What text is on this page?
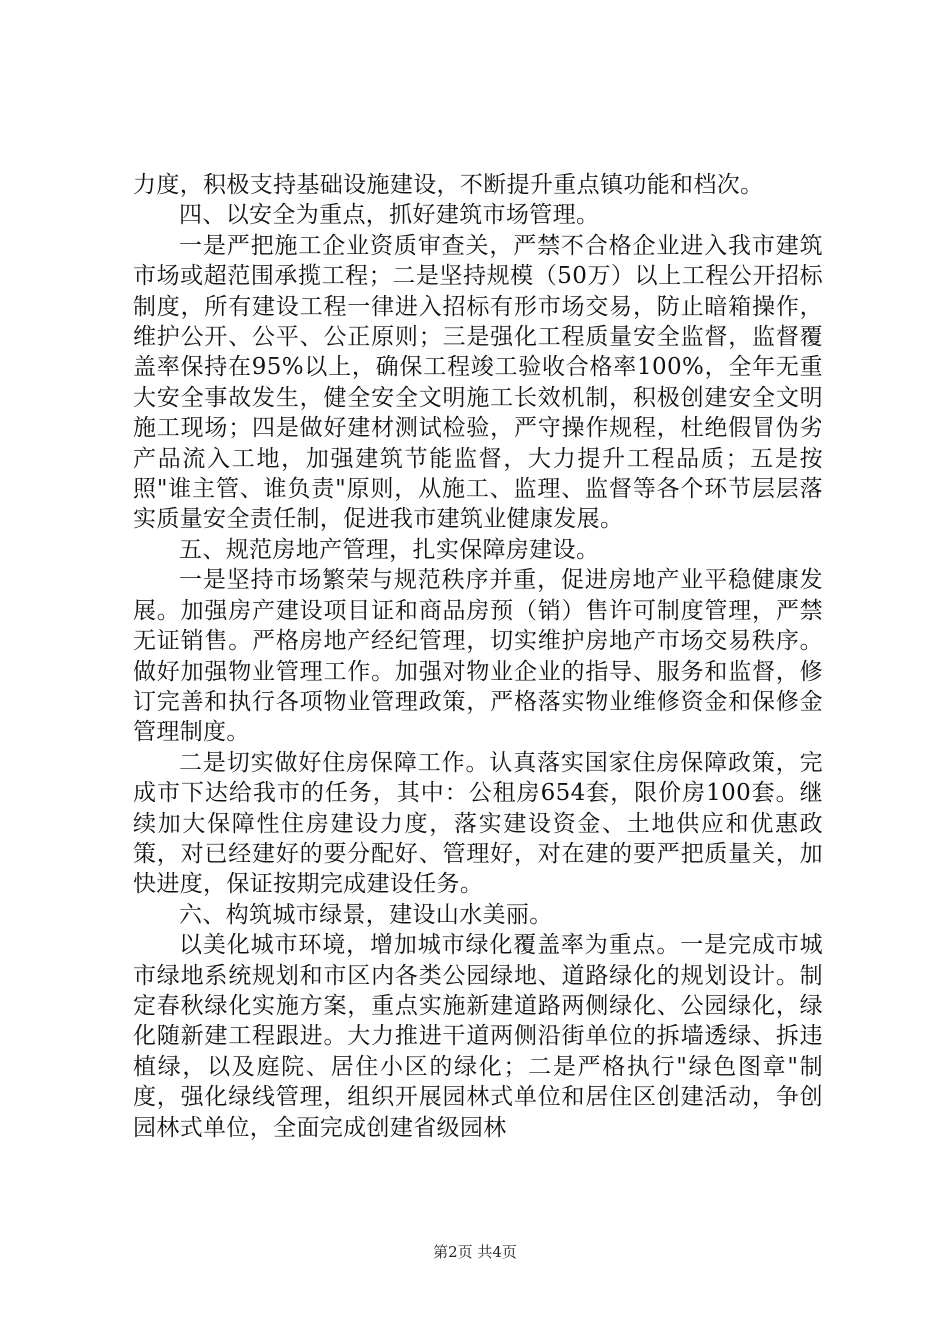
力度，积极支持基础设施建设，不断提升重点镇功能和档次。

四、以安全为重点，抓好建筑市场管理。

一是严把施工企业资质审查关，严禁不合格企业进入我市建筑市场或超范围承揽工程；二是坚持规模（50万）以上工程公开招标制度，所有建设工程一律进入招标有形市场交易，防止暗箱操作，维护公开、公平、公正原则；三是强化工程质量安全监督，监督覆盖率保持在95%以上，确保工程竣工验收合格率100%，全年无重大安全事故发生，健全安全文明施工长效机制，积极创建安全文明施工现场；四是做好建材测试检验，严守操作规程，杜绝假冒伪劣产品流入工地，加强建筑节能监督，大力提升工程品质；五是按照"谁主管、谁负责"原则，从施工、监理、监督等各个环节层层落实质量安全责任制，促进我市建筑业健康发展。

五、规范房地产管理，扎实保障房建设。

一是坚持市场繁荣与规范秩序并重，促进房地产业平稳健康发展。加强房产建设项目证和商品房预（销）售许可制度管理，严禁无证销售。严格房地产经纪管理，切实维护房地产市场交易秩序。做好加强物业管理工作。加强对物业企业的指导、服务和监督，修订完善和执行各项物业管理政策，严格落实物业维修资金和保修金管理制度。

二是切实做好住房保障工作。认真落实国家住房保障政策，完成市下达给我市的任务，其中：公租房654套，限价房100套。继续加大保障性住房建设力度，落实建设资金、土地供应和优惠政策，对已经建好的要分配好、管理好，对在建的要严把质量关，加快进度，保证按期完成建设任务。

六、构筑城市绿景，建设山水美丽。

以美化城市环境，增加城市绿化覆盖率为重点。一是完成市城市绿地系统规划和市区内各类公园绿地、道路绿化的规划设计。制定春秋绿化实施方案，重点实施新建道路两侧绿化、公园绿化，绿化随新建工程跟进。大力推进干道两侧沿街单位的拆墙透绿、拆违植绿，以及庭院、居住小区的绿化；二是严格执行"绿色图章"制度，强化绿线管理，组织开展园林式单位和居住区创建活动，争创园林式单位，全面完成创建省级园林

第2页 共4页
